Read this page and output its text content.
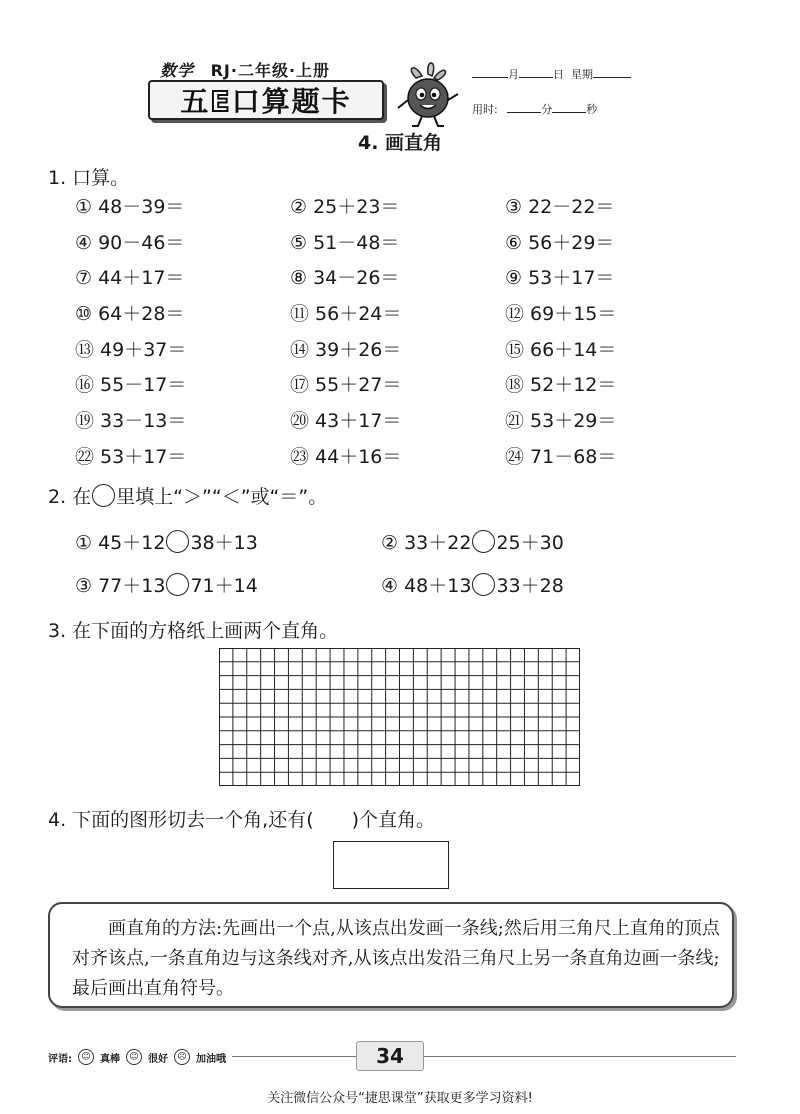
数学 RJ·二年级·上册
五E口算题卡
月	日 星期
用时:	分	秒
4. 画直角
1. 口算。
① 48－39＝	② 25＋23＝	③ 22－22＝
④ 90－46＝	⑤ 51－48＝	⑥ 56＋29＝
⑦ 44＋17＝	⑧ 34－26＝	⑨ 53＋17＝
⑩ 64＋28＝	⑪ 56＋24＝	⑫ 69＋15＝
⑬ 49＋37＝	⑭ 39＋26＝	⑮ 66＋14＝
⑯ 55－17＝	⑰ 55＋27＝	⑱ 52＋12＝
⑲ 33－13＝	⑳ 43＋17＝	㉑ 53＋29＝
㉒ 53＋17＝	㉓ 44＋16＝	㉔ 71－68＝
2. 在 里填上“＞”“＜”或“＝”。
① 45＋12 38＋13	② 33＋22 25＋30
③ 77＋13 71＋14	④ 48＋13 33＋28
3. 在下面的方格纸上画两个直角。
4. 下面的图形切去一个角,还有(　　)个直角。
　　画直角的方法:先画出一个点,从该点出发画一条线;然后用三角尺上直角的顶点对齐该点,一条直角边与这条线对齐,从该点出发沿三角尺上另一条直角边画一条线;最后画出直角符号。
评语:	☺ 真棒	☺ 很好	☹ 加油哦	34
关注微信公众号“捷思课堂”获取更多学习资料!
